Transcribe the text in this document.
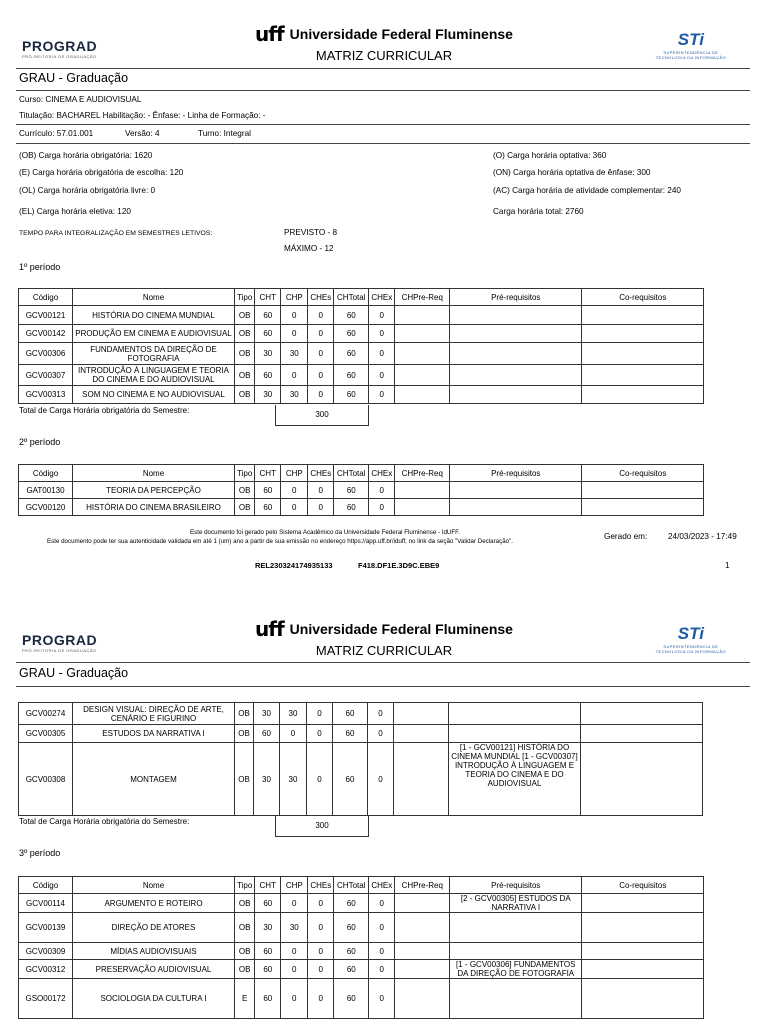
PROGRAD
PRÓ-REITORIA DE GRADUAÇÃO
uff Universidade Federal Fluminense
MATRIZ CURRICULAR
STi
SUPERINTENDÊNCIA DE
TECNOLOGIA DA INFORMAÇÃO
GRAU - Graduação
Curso: CINEMA E AUDIOVISUAL
Titulação: BACHAREL Habilitação: - Ênfase: - Linha de Formação: -
Currículo: 57.01.001	Versão: 4	Turno: Integral
(OB) Carga horária obrigatória: 1620
(E) Carga horária obrigatória de escolha: 120
(OL) Carga horária obrigatória livre: 0
(EL) Carga horária eletiva: 120
(O) Carga horária optativa: 360
(ON) Carga horária optativa de ênfase: 300
(AC) Carga horária de atividade complementar: 240
Carga horária total: 2760
TEMPO PARA INTEGRALIZAÇÃO EM SEMESTRES LETIVOS:	PREVISTO - 8
MÁXIMO - 12
1º período
Código	Nome	Tipo	CHT	CHP	CHEs	CHTotal	CHEx	CHPre-Req	Pré-requisitos	Co-requisitos
GCV00121	HISTÓRIA DO CINEMA MUNDIAL	OB	60	0	0	60	0			
GCV00142	PRODUÇÃO EM CINEMA E AUDIOVISUAL	OB	60	0	0	60	0			
GCV00306	FUNDAMENTOS DA DIREÇÃO DE FOTOGRAFIA	OB	30	30	0	60	0			
GCV00307	INTRODUÇÃO À LINGUAGEM E TEORIA DO CINEMA E DO AUDIOVISUAL	OB	60	0	0	60	0			
GCV00313	SOM NO CINEMA E NO AUDIOVISUAL	OB	30	30	0	60	0			
Total de Carga Horária obrigatória do Semestre:	300
2º período
Código	Nome	Tipo	CHT	CHP	CHEs	CHTotal	CHEx	CHPre-Req	Pré-requisitos	Co-requisitos
GAT00130	TEORIA DA PERCEPÇÃO	OB	60	0	0	60	0			
GCV00120	HISTÓRIA DO CINEMA BRASILEIRO	OB	60	0	0	60	0			
Este documento foi gerado pelo Sistema Acadêmico da Universidade Federal Fluminense - IdUFF.
Este documento pode ter sua autenticidade validada em até 1 (um) ano a partir de sua emissão no endereço https://app.uff.br/iduff, no link da seção "Validar Declaração".
Gerado em:	24/03/2023 - 17:49
REL230324174935133	F418.DF1E.3D9C.EBE9	1
PROGRAD
PRÓ-REITORIA DE GRADUAÇÃO
uff Universidade Federal Fluminense
MATRIZ CURRICULAR
STi
SUPERINTENDÊNCIA DE
TECNOLOGIA DA INFORMAÇÃO
GRAU - Graduação
GCV00274	DESIGN VISUAL: DIREÇÃO DE ARTE, CENÁRIO E FIGURINO	OB	30	30	0	60	0			
GCV00305	ESTUDOS DA NARRATIVA I	OB	60	0	0	60	0			
GCV00308	MONTAGEM	OB	30	30	0	60	0		[1 - GCV00121] HISTÓRIA DO CINEMA MUNDIAL [1 - GCV00307] INTRODUÇÃO À LINGUAGEM E TEORIA DO CINEMA E DO AUDIOVISUAL	
Total de Carga Horária obrigatória do Semestre:	300
3º período
Código	Nome	Tipo	CHT	CHP	CHEs	CHTotal	CHEx	CHPre-Req	Pré-requisitos	Co-requisitos
GCV00114	ARGUMENTO E ROTEIRO	OB	60	0	0	60	0		[2 - GCV00305] ESTUDOS DA NARRATIVA I	
GCV00139	DIREÇÃO DE ATORES	OB	30	30	0	60	0			
GCV00309	MÍDIAS AUDIOVISUAIS	OB	60	0	0	60	0			
GCV00312	PRESERVAÇÃO AUDIOVISUAL	OB	60	0	0	60	0		[1 - GCV00306] FUNDAMENTOS DA DIREÇÃO DE FOTOGRAFIA	
GSO00172	SOCIOLOGIA DA CULTURA I	E	60	0	0	60	0			
